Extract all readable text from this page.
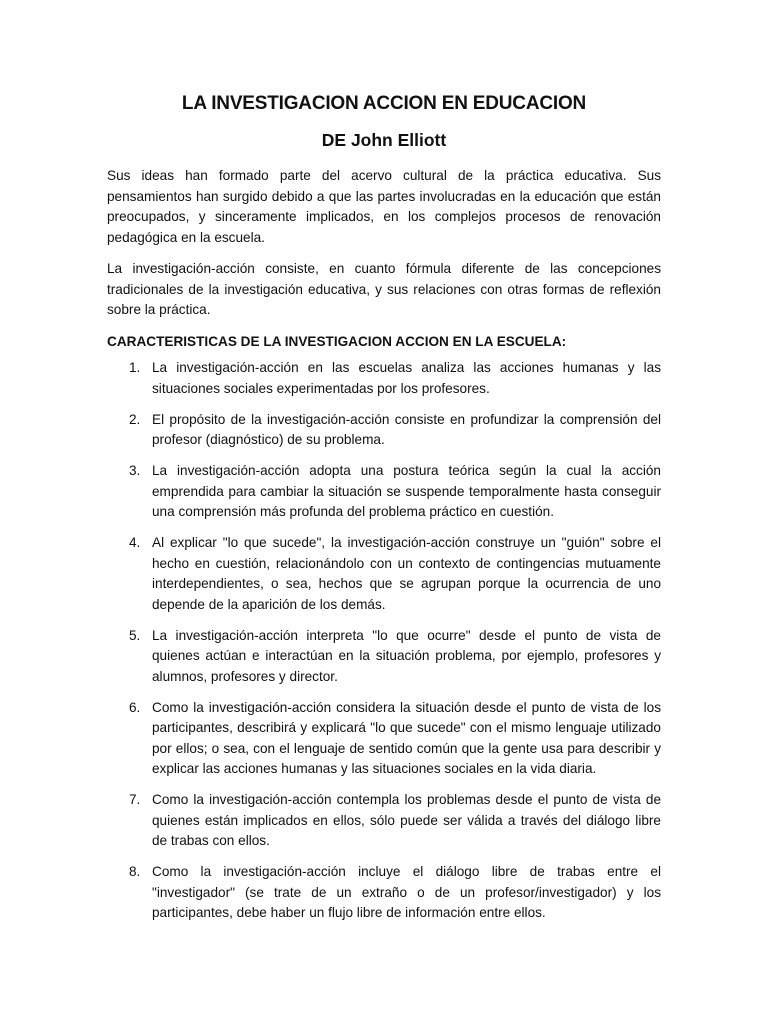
LA INVESTIGACION ACCION EN EDUCACION
DE John Elliott

Sus ideas han formado parte del acervo cultural de la práctica educativa. Sus pensamientos han surgido debido a que las partes involucradas en la educación que están preocupados, y sinceramente implicados, en los complejos procesos de renovación pedagógica en la escuela.

La investigación-acción consiste, en cuanto fórmula diferente de las concepciones tradicionales de la investigación educativa, y sus relaciones con otras formas de reflexión sobre la práctica.

CARACTERISTICAS DE LA INVESTIGACION ACCION EN LA ESCUELA:

1. La investigación-acción en las escuelas analiza las acciones humanas y las situaciones sociales experimentadas por los profesores.
2. El propósito de la investigación-acción consiste en profundizar la comprensión del profesor (diagnóstico) de su problema.
3. La investigación-acción adopta una postura teórica según la cual la acción emprendida para cambiar la situación se suspende temporalmente hasta conseguir una comprensión más profunda del problema práctico en cuestión.
4. Al explicar "lo que sucede", la investigación-acción construye un "guión" sobre el hecho en cuestión, relacionándolo con un contexto de contingencias mutuamente interdependientes, o sea, hechos que se agrupan porque la ocurrencia de uno depende de la aparición de los demás.
5. La investigación-acción interpreta "lo que ocurre" desde el punto de vista de quienes actúan e interactúan en la situación problema, por ejemplo, profesores y alumnos, profesores y director.
6. Como la investigación-acción considera la situación desde el punto de vista de los participantes, describirá y explicará "lo que sucede" con el mismo lenguaje utilizado por ellos; o sea, con el lenguaje de sentido común que la gente usa para describir y explicar las acciones humanas y las situaciones sociales en la vida diaria.
7. Como la investigación-acción contempla los problemas desde el punto de vista de quienes están implicados en ellos, sólo puede ser válida a través del diálogo libre de trabas con ellos.
8. Como la investigación-acción incluye el diálogo libre de trabas entre el "investigador" (se trate de un extraño o de un profesor/investigador) y los participantes, debe haber un flujo libre de información entre ellos.
